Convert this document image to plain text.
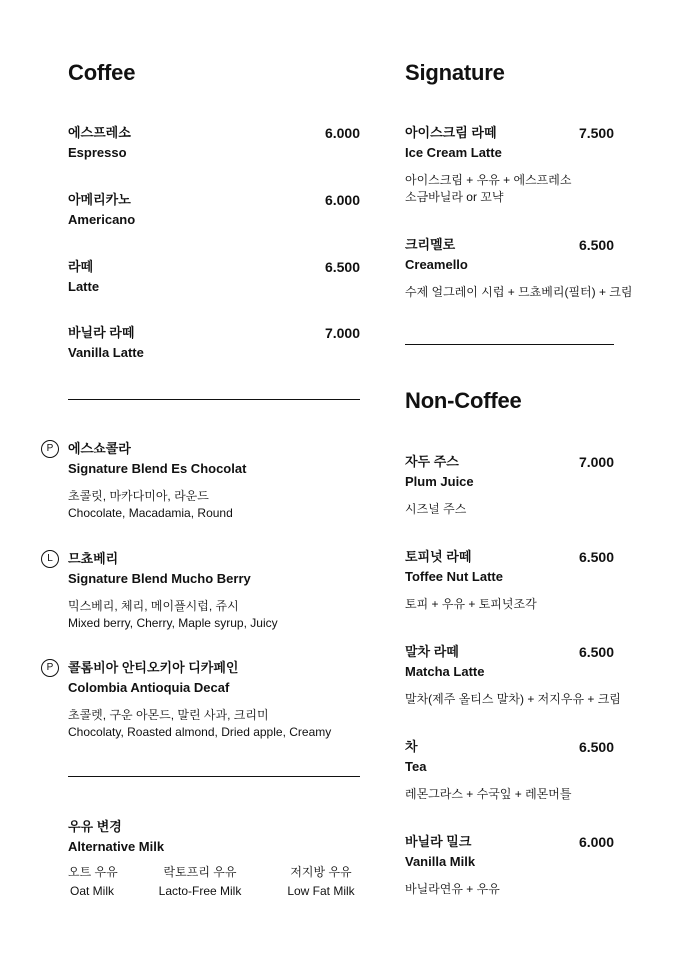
Coffee
에스프레소
Espresso
6.000
아메리카노
Americano
6.000
라떼
Latte
6.500
바닐라 라떼
Vanilla Latte
7.000
P	에스쇼콜라
Signature Blend Es Chocolat
초콜릿, 마카다미아, 라운드
Chocolate, Macadamia, Round
L	므쵸베리
Signature Blend Mucho Berry
믹스베리, 체리, 메이플시럽, 쥬시
Mixed berry, Cherry, Maple syrup, Juicy
P	콜롬비아 안티오키아 디카페인
Colombia Antioquia Decaf
초콜렛, 구운 아몬드, 말린 사과, 크리미
Chocolaty, Roasted almond, Dried apple, Creamy
우유 변경
Alternative Milk
오트 우유
Oat Milk
락토프리 우유
Lacto-Free Milk
저지방 우유
Low Fat Milk
Signature
아이스크림 라떼
Ice Cream Latte
7.500
아이스크림 + 우유 + 에스프레소
소금바닐라 or 꼬냑
크리멜로
Creamello
6.500
수제 얼그레이 시럽 + 므쵸베리(필터) + 크림
Non-Coffee
자두 주스
Plum Juice
7.000
시즈널 주스
토피넛 라떼
Toffee Nut Latte
6.500
토피 + 우유 + 토피넛조각
말차 라떼
Matcha Latte
6.500
말차(제주 올티스 말차) + 저지우유 + 크림
차
Tea
6.500
레몬그라스 + 수국잎 + 레몬머틀
바닐라 밀크
Vanilla Milk
6.000
바닐라연유 + 우유
